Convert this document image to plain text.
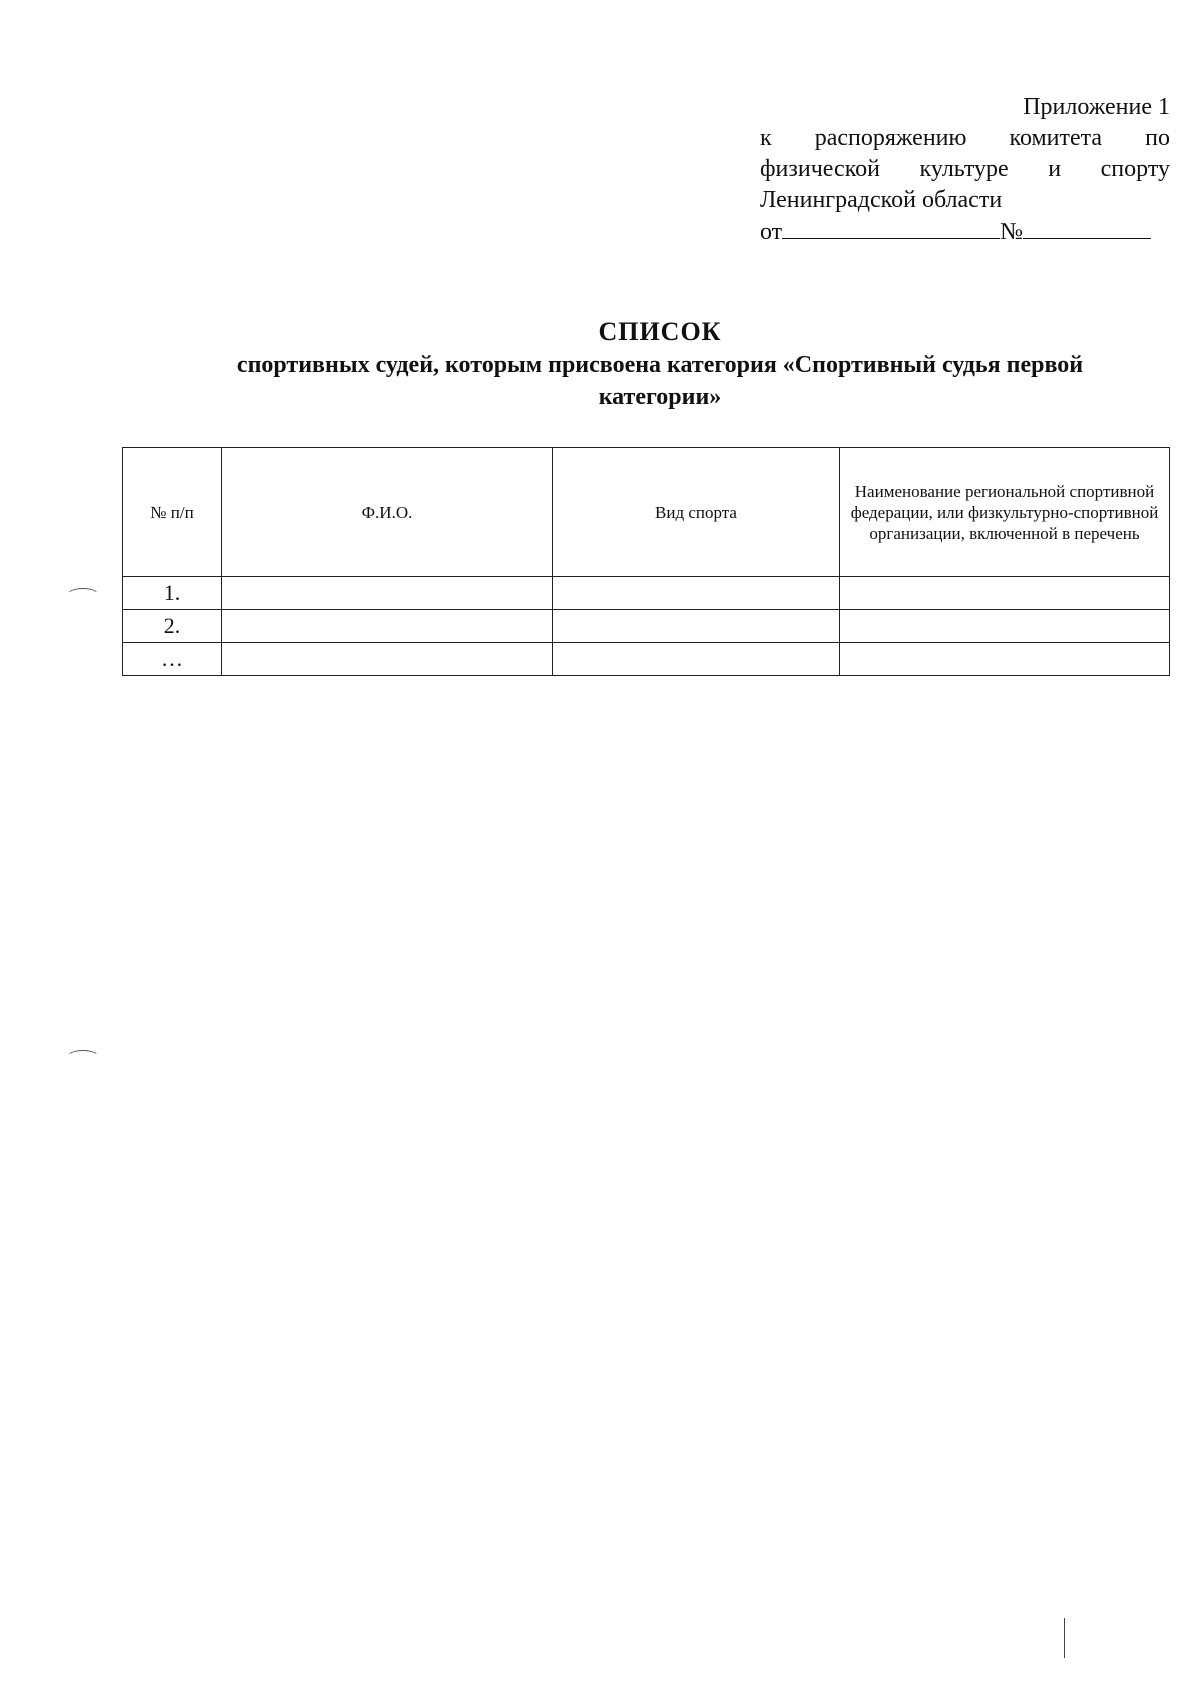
Приложение 1
к распоряжению комитета по
физической культуре и спорту
Ленинградской области
от	№
СПИСОК
спортивных судей, которым присвоена категория «Спортивный судья первой
категории»
№ п/п	Ф.И.О.	Вид спорта	Наименование региональной спортивной федерации, или физкультурно-спортивной организации, включенной в перечень
1.			
2.			
…			
